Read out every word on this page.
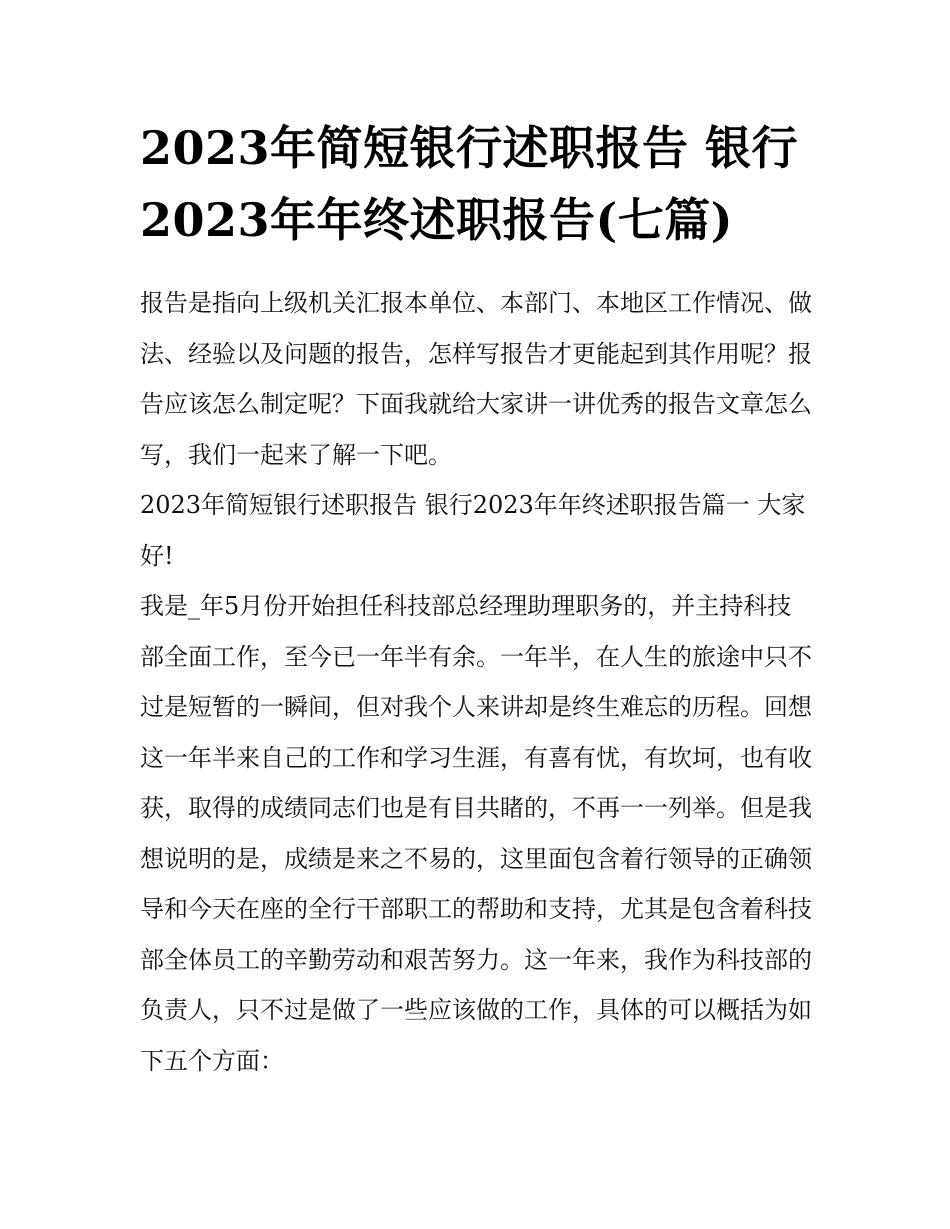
2023年简短银行述职报告 银行2023年年终述职报告(七篇)

报告是指向上级机关汇报本单位、本部门、本地区工作情况、做法、经验以及问题的报告，怎样写报告才更能起到其作用呢？报告应该怎么制定呢？下面我就给大家讲一讲优秀的报告文章怎么写，我们一起来了解一下吧。

2023年简短银行述职报告 银行2023年年终述职报告篇一 大家好!

我是_年5月份开始担任科技部总经理助理职务的，并主持科技部全面工作，至今已一年半有余。一年半，在人生的旅途中只不过是短暂的一瞬间，但对我个人来讲却是终生难忘的历程。回想这一年半来自己的工作和学习生涯，有喜有忧，有坎坷，也有收获，取得的成绩同志们也是有目共睹的，不再一一列举。但是我想说明的是，成绩是来之不易的，这里面包含着行领导的正确领导和今天在座的全行干部职工的帮助和支持，尤其是包含着科技部全体员工的辛勤劳动和艰苦努力。这一年来，我作为科技部的负责人，只不过是做了一些应该做的工作，具体的可以概括为如下五个方面：
